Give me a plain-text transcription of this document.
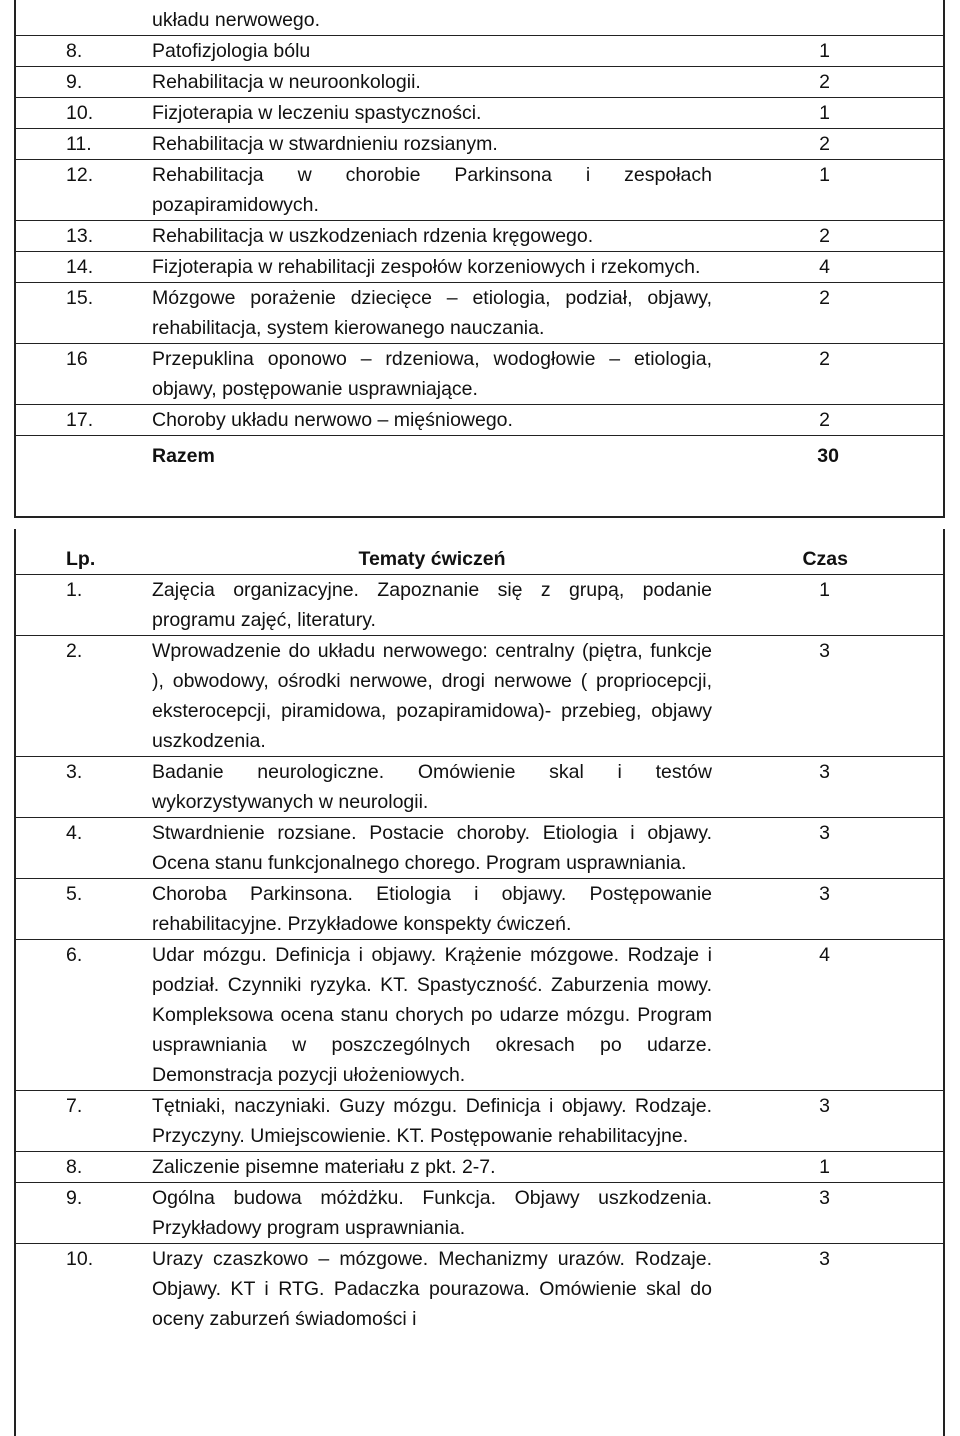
	układu nerwowego.	
8.	Patofizjologia bólu	1
9.	Rehabilitacja w neuroonkologii.	2
10.	Fizjoterapia w leczeniu spastyczności.	1
11.	Rehabilitacja w stwardnieniu rozsianym.	2
12.	Rehabilitacja w chorobie Parkinsona i zespołach pozapiramidowych.	1
13.	Rehabilitacja w uszkodzeniach rdzenia kręgowego.	2
14.	Fizjoterapia w rehabilitacji zespołów korzeniowych i rzekomych.	4
15.	Mózgowe porażenie dziecięce – etiologia, podział, objawy, rehabilitacja, system kierowanego nauczania.	2
16	Przepuklina oponowo – rdzeniowa, wodogłowie – etiologia, objawy, postępowanie usprawniające.	2
17.	Choroby układu nerwowo – mięśniowego.	2
	Razem	30
Lp.	Tematy ćwiczeń	Czas
1.	Zajęcia organizacyjne. Zapoznanie się z grupą, podanie programu zajęć, literatury.	1
2.	Wprowadzenie do układu nerwowego: centralny (piętra, funkcje ), obwodowy, ośrodki nerwowe, drogi nerwowe ( propriocepcji, eksterocepcji, piramidowa, pozapiramidowa)- przebieg, objawy uszkodzenia.	3
3.	Badanie neurologiczne. Omówienie skal i testów wykorzystywanych w neurologii.	3
4.	Stwardnienie rozsiane. Postacie choroby. Etiologia i objawy. Ocena stanu funkcjonalnego chorego. Program usprawniania.	3
5.	Choroba Parkinsona. Etiologia i objawy. Postępowanie rehabilitacyjne. Przykładowe konspekty ćwiczeń.	3
6.	Udar mózgu. Definicja i objawy. Krążenie mózgowe. Rodzaje i podział. Czynniki ryzyka. KT. Spastyczność. Zaburzenia mowy. Kompleksowa ocena stanu chorych po udarze mózgu. Program usprawniania w poszczególnych okresach po udarze. Demonstracja pozycji ułożeniowych.	4
7.	Tętniaki, naczyniaki. Guzy mózgu. Definicja i objawy. Rodzaje. Przyczyny. Umiejscowienie. KT. Postępowanie rehabilitacyjne.	3
8.	Zaliczenie pisemne materiału z pkt. 2-7.	1
9.	Ogólna budowa móżdżku. Funkcja. Objawy uszkodzenia. Przykładowy program usprawniania.	3
10.	Urazy czaszkowo – mózgowe. Mechanizmy urazów. Rodzaje. Objawy. KT i RTG. Padaczka pourazowa. Omówienie skal do oceny zaburzeń świadomości i	3
